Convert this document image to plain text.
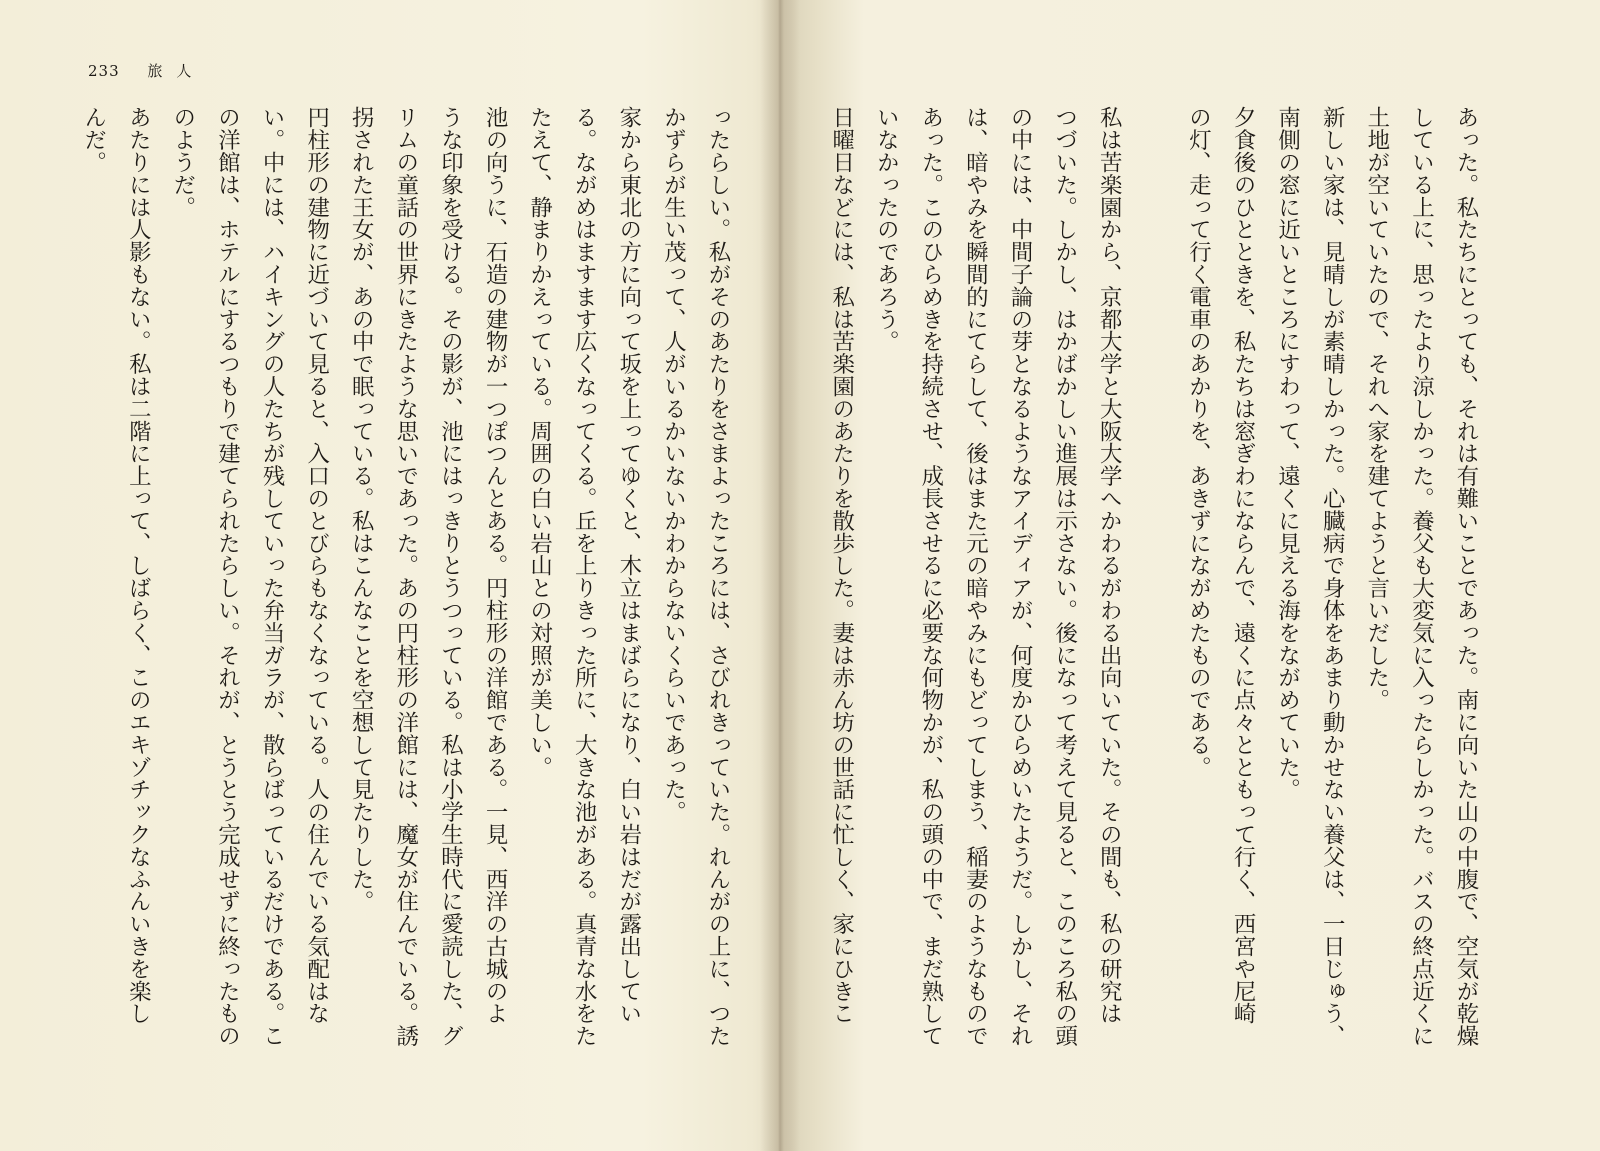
233 旅人
ったらしい。私がそのあたりをさまよったころには、さびれきっていた。れんがの上に、つた
かずらが生い茂って、人がいるかいないかわからないくらいであった。
家から東北の方に向って坂を上ってゆくと、木立はまばらになり、白い岩はだが露出してい
る。ながめはますます広くなってくる。丘を上りきった所に、大きな池がある。真青な水をた
たえて、静まりかえっている。周囲の白い岩山との対照が美しい。
池の向うに、石造の建物が一つぽつんとある。円柱形の洋館である。一見、西洋の古城のよ
うな印象を受ける。その影が、池にはっきりとうつっている。私は小学生時代に愛読した、グ
リムの童話の世界にきたような思いであった。あの円柱形の洋館には、魔女が住んでいる。誘
拐された王女が、あの中で眠っている。私はこんなことを空想して見たりした。
円柱形の建物に近づいて見ると、入口のとびらもなくなっている。人の住んでいる気配はな
い。中には、ハイキングの人たちが残していった弁当ガラが、散らばっているだけである。こ
の洋館は、ホテルにするつもりで建てられたらしい。それが、とうとう完成せずに終ったもの
のようだ。
あたりには人影もない。私は二階に上って、しばらく、このエキゾチックなふんいきを楽し
んだ。	あった。私たちにとっても、それは有難いことであった。南に向いた山の中腹で、空気が乾燥
している上に、思ったより涼しかった。養父も大変気に入ったらしかった。バスの終点近くに
土地が空いていたので、それへ家を建てようと言いだした。
新しい家は、見晴しが素晴しかった。心臓病で身体をあまり動かせない養父は、一日じゅう、
南側の窓に近いところにすわって、遠くに見える海をながめていた。
夕食後のひとときを、私たちは窓ぎわにならんで、遠くに点々とともって行く、西宮や尼崎
の灯、走って行く電車のあかりを、あきずにながめたものである。

私は苦楽園から、京都大学と大阪大学へかわるがわる出向いていた。その間も、私の研究は
つづいた。しかし、はかばかしい進展は示さない。後になって考えて見ると、このころ私の頭
の中には、中間子論の芽となるようなアイディアが、何度かひらめいたようだ。しかし、それ
は、暗やみを瞬間的にてらして、後はまた元の暗やみにもどってしまう、稲妻のようなもので
あった。このひらめきを持続させ、成長させるに必要な何物かが、私の頭の中で、まだ熟して
いなかったのであろう。
日曜日などには、私は苦楽園のあたりを散歩した。妻は赤ん坊の世話に忙しく、家にひきこ
